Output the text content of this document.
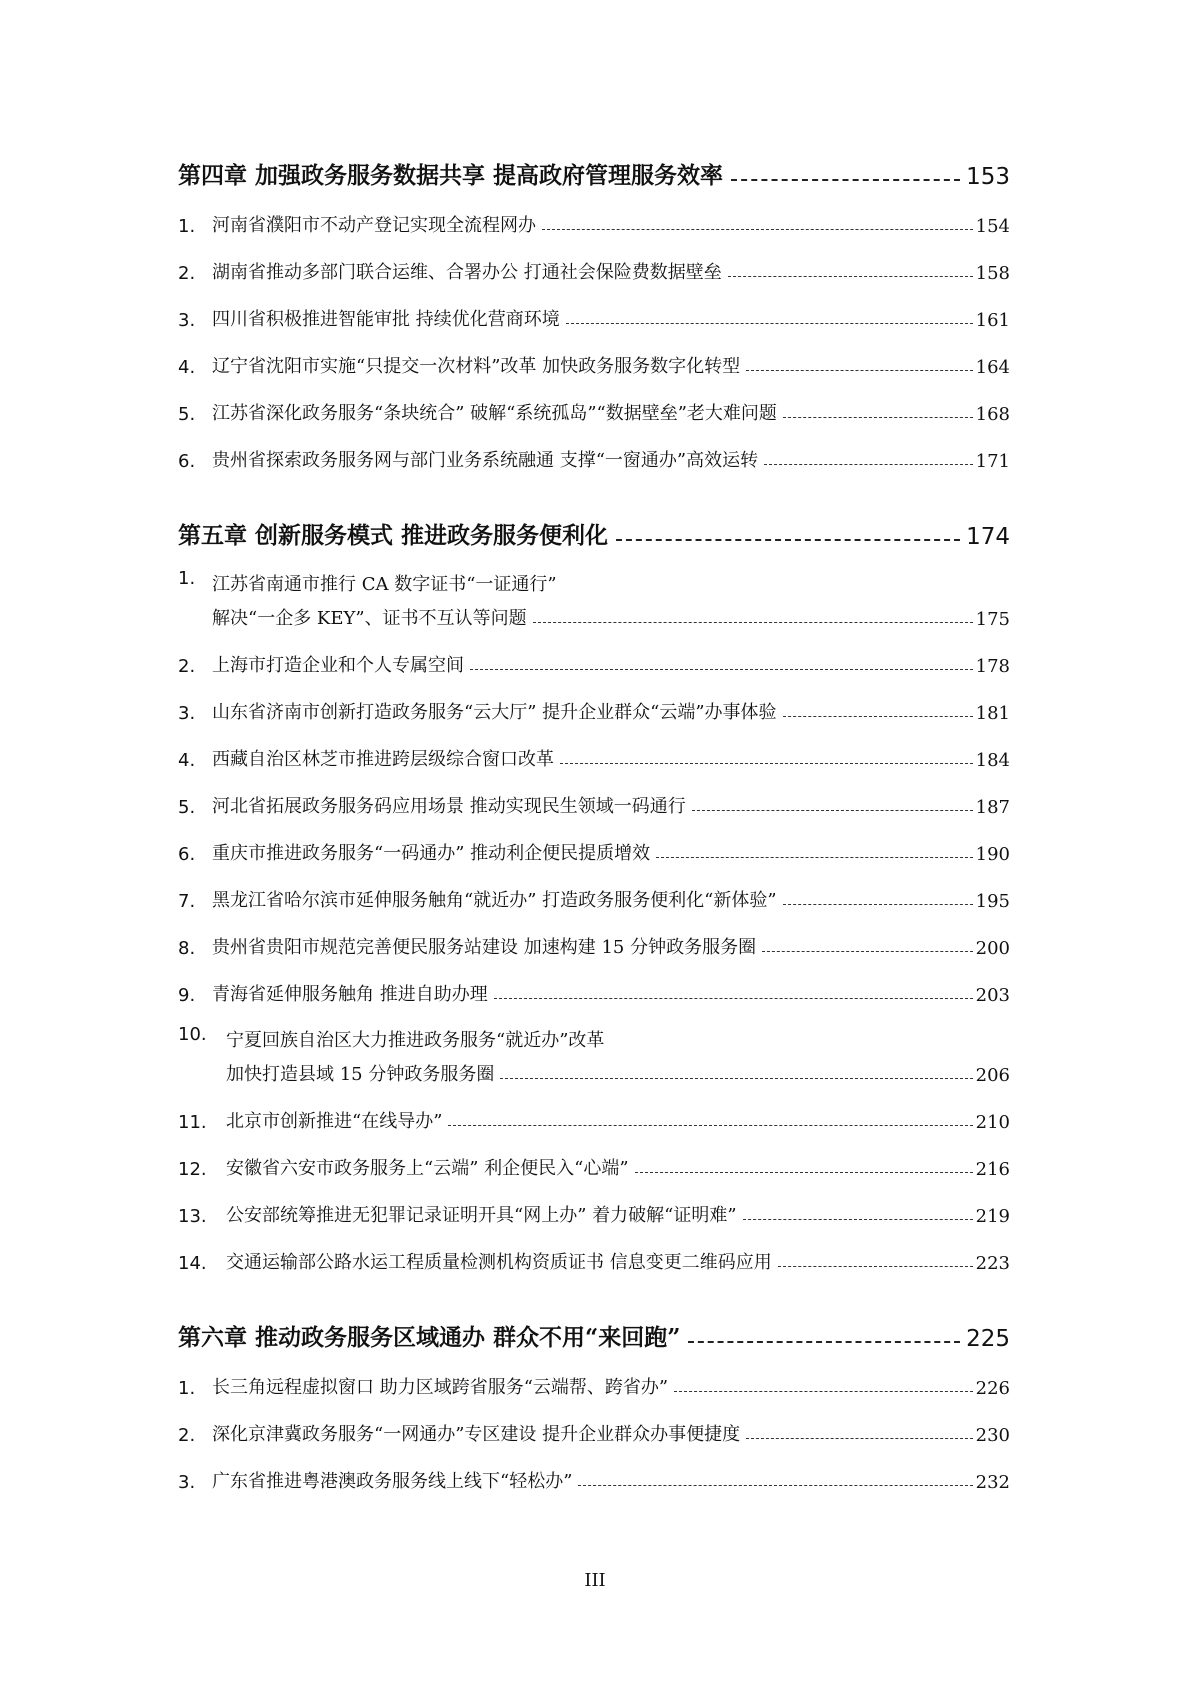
第四章 加强政务服务数据共享 提高政府管理服务效率	153
1. 河南省濮阳市不动产登记实现全流程网办	154
2. 湖南省推动多部门联合运维、合署办公 打通社会保险费数据壁垒	158
3. 四川省积极推进智能审批 持续优化营商环境	161
4. 辽宁省沈阳市实施“只提交一次材料”改革 加快政务服务数字化转型	164
5. 江苏省深化政务服务“条块统合” 破解“系统孤岛”“数据壁垒”老大难问题	168
6. 贵州省探索政务服务网与部门业务系统融通 支撑“一窗通办”高效运转	171
第五章 创新服务模式 推进政务服务便利化	174
1. 江苏省南通市推行 CA 数字证书“一证通行”
解决“一企多 KEY”、证书不互认等问题	175
2. 上海市打造企业和个人专属空间	178
3. 山东省济南市创新打造政务服务“云大厅” 提升企业群众“云端”办事体验	181
4. 西藏自治区林芝市推进跨层级综合窗口改革	184
5. 河北省拓展政务服务码应用场景 推动实现民生领域一码通行	187
6. 重庆市推进政务服务“一码通办” 推动利企便民提质增效	190
7. 黑龙江省哈尔滨市延伸服务触角“就近办” 打造政务服务便利化“新体验”	195
8. 贵州省贵阳市规范完善便民服务站建设 加速构建 15 分钟政务服务圈	200
9. 青海省延伸服务触角 推进自助办理	203
10.	宁夏回族自治区大力推进政务服务“就近办”改革
加快打造县域 15 分钟政务服务圈	206
11.	北京市创新推进“在线导办”	210
12.	安徽省六安市政务服务上“云端” 利企便民入“心端”	216
13.	公安部统筹推进无犯罪记录证明开具“网上办” 着力破解“证明难”	219
14.	交通运输部公路水运工程质量检测机构资质证书 信息变更二维码应用	223
第六章 推动政务服务区域通办 群众不用“来回跑”	225
1. 长三角远程虚拟窗口 助力区域跨省服务“云端帮、跨省办”	226
2. 深化京津冀政务服务“一网通办”专区建设 提升企业群众办事便捷度	230
3. 广东省推进粤港澳政务服务线上线下“轻松办”	232
III
